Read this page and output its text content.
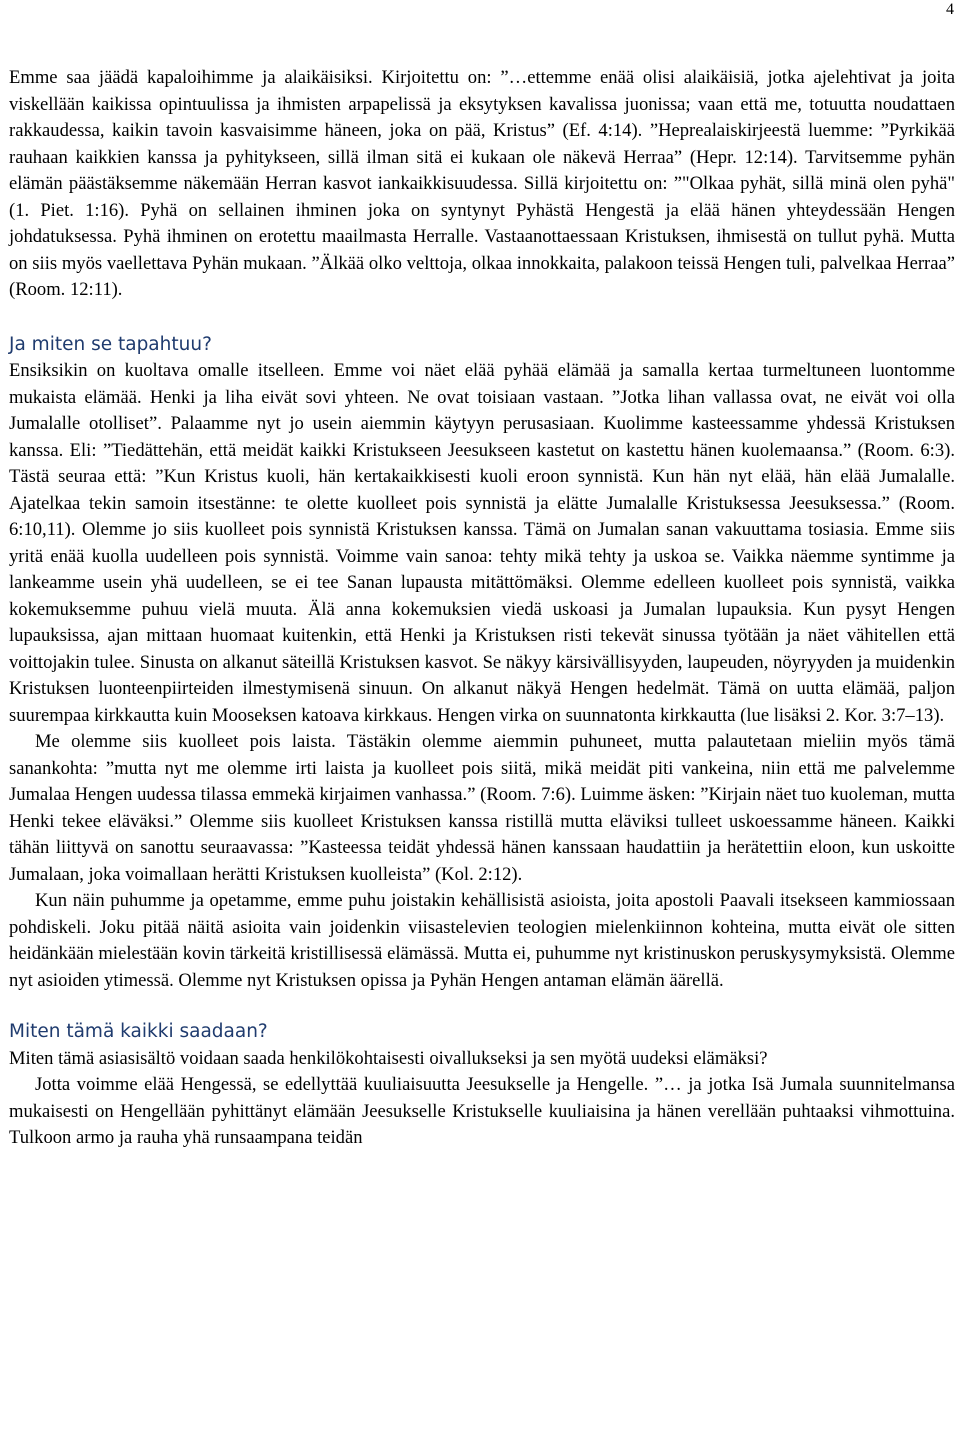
4

Emme saa jäädä kapaloihimme ja alaikäisiksi. Kirjoitettu on: ”…ettemme enää olisi alaikäisiä, jotka ajelehtivat ja joita viskellään kaikissa opintuulissa ja ihmisten arpapelissä ja eksytyksen kavalissa juonissa; vaan että me, totuutta noudattaen rakkaudessa, kaikin tavoin kasvaisimme häneen, joka on pää, Kristus” (Ef. 4:14). ”Heprealaiskirjeestä luemme: ”Pyrkikää rauhaan kaikkien kanssa ja pyhitykseen, sillä ilman sitä ei kukaan ole näkevä Herraa” (Hepr. 12:14). Tarvitsemme pyhän elämän päästäksemme näkemään Herran kasvot iankaikkisuudessa. Sillä kirjoitettu on: ”"Olkaa pyhät, sillä minä olen pyhä" (1. Piet. 1:16). Pyhä on sellainen ihminen joka on syntynyt Pyhästä Hengestä ja elää hänen yhteydessään Hengen johdatuksessa. Pyhä ihminen on erotettu maailmasta Herralle. Vastaanottaessaan Kristuksen, ihmisestä on tullut pyhä. Mutta on siis myös vaellettava Pyhän mukaan. ”Älkää olko velttoja, olkaa innokkaita, palakoon teissä Hengen tuli, palvelkaa Herraa” (Room. 12:11).

Ja miten se tapahtuu?

Ensiksikin on kuoltava omalle itselleen. Emme voi näet elää pyhää elämää ja samalla kertaa turmeltuneen luontomme mukaista elämää. Henki ja liha eivät sovi yhteen. Ne ovat toisiaan vastaan. ”Jotka lihan vallassa ovat, ne eivät voi olla Jumalalle otolliset”. Palaamme nyt jo usein aiemmin käytyyn perusasiaan. Kuolimme kasteessamme yhdessä Kristuksen kanssa. Eli: ”Tiedättehän, että meidät kaikki Kristukseen Jeesukseen kastetut on kastettu hänen kuolemaansa.” (Room. 6:3). Tästä seuraa että: ”Kun Kristus kuoli, hän kertakaikkisesti kuoli eroon synnistä. Kun hän nyt elää, hän elää Jumalalle. Ajatelkaa tekin samoin itsestänne: te olette kuolleet pois synnistä ja elätte Jumalalle Kristuksessa Jeesuksessa.” (Room. 6:10,11). Olemme jo siis kuolleet pois synnistä Kristuksen kanssa. Tämä on Jumalan sanan vakuuttama tosiasia. Emme siis yritä enää kuolla uudelleen pois synnistä. Voimme vain sanoa: tehty mikä tehty ja uskoa se. Vaikka näemme syntimme ja lankeamme usein yhä uudelleen, se ei tee Sanan lupausta mitättömäksi. Olemme edelleen kuolleet pois synnistä, vaikka kokemuksemme puhuu vielä muuta. Älä anna kokemuksien viedä uskoasi ja Jumalan lupauksia. Kun pysyt Hengen lupauksissa, ajan mittaan huomaat kuitenkin, että Henki ja Kristuksen risti tekevät sinussa työtään ja näet vähitellen että voittojakin tulee. Sinusta on alkanut säteillä Kristuksen kasvot. Se näkyy kärsivällisyyden, laupeuden, nöyryyden ja muidenkin Kristuksen luonteenpiirteiden ilmestymisenä sinuun. On alkanut näkyä Hengen hedelmät. Tämä on uutta elämää, paljon suurempaa kirkkautta kuin Mooseksen katoava kirkkaus. Hengen virka on suunnatonta kirkkautta (lue lisäksi 2. Kor. 3:7–13).

Me olemme siis kuolleet pois laista. Tästäkin olemme aiemmin puhuneet, mutta palautetaan mieliin myös tämä sanankohta: ”mutta nyt me olemme irti laista ja kuolleet pois siitä, mikä meidät piti vankeina, niin että me palvelemme Jumalaa Hengen uudessa tilassa emmekä kirjaimen vanhassa.” (Room. 7:6). Luimme äsken: ”Kirjain näet tuo kuoleman, mutta Henki tekee eläväksi.” Olemme siis kuolleet Kristuksen kanssa ristillä mutta eläviksi tulleet uskoessamme häneen. Kaikki tähän liittyvä on sanottu seuraavassa: ”Kasteessa teidät yhdessä hänen kanssaan haudattiin ja herätettiin eloon, kun uskoitte Jumalaan, joka voimallaan herätti Kristuksen kuolleista” (Kol. 2:12).

Kun näin puhumme ja opetamme, emme puhu joistakin kehällisistä asioista, joita apostoli Paavali itsekseen kammiossaan pohdiskeli. Joku pitää näitä asioita vain joidenkin viisastelevien teologien mielenkiinnon kohteina, mutta eivät ole sitten heidänkään mielestään kovin tärkeitä kristillisessä elämässä. Mutta ei, puhumme nyt kristinuskon peruskysymyksistä. Olemme nyt asioiden ytimessä. Olemme nyt Kristuksen opissa ja Pyhän Hengen antaman elämän äärellä.

Miten tämä kaikki saadaan?

Miten tämä asiasisältö voidaan saada henkilökohtaisesti oivallukseksi ja sen myötä uudeksi elämäksi?

Jotta voimme elää Hengessä, se edellyttää kuuliaisuutta Jeesukselle ja Hengelle. ”… ja jotka Isä Jumala suunnitelmansa mukaisesti on Hengellään pyhittänyt elämään Jeesukselle Kristukselle kuuliaisina ja hänen verellään puhtaaksi vihmottuina. Tulkoon armo ja rauha yhä runsaampana teidän
